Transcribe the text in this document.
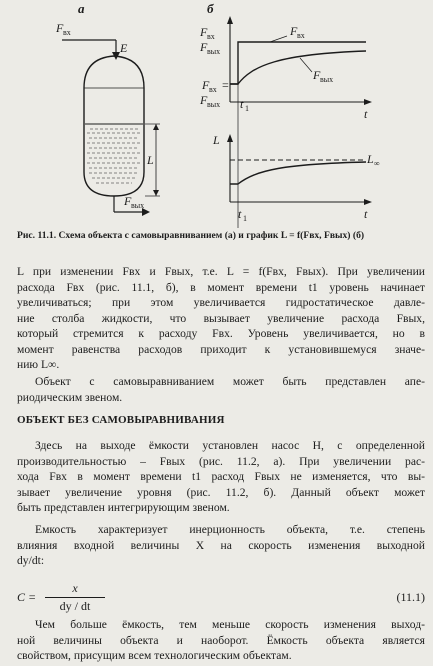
а
F вх
E
L
F вых
б
F вх
F вых
F вх
F вых
F вх =
F вых t 1	t
L
L ∞
t 1	t
Рис. 11.1. Схема объекта с самовыравниванием (а) и график L = f(Fвх, Fвых) (б)
L при изменении Fвх и Fвых, т.е. L = f(Fвх, Fвых). При увеличении
расхода Fвх (рис. 11.1, б), в момент времени t1 уровень начинает
увеличиваться; при этом увеличивается гидростатическое давле-
ние столба жидкости, что вызывает увеличение расхода Fвых,
который стремится к расходу Fвх. Уровень увеличивается, но в
момент равенства расходов приходит к установившемуся значе-
нию L∞.
Объект с самовыравниванием может быть представлен апе-
риодическим звеном.
ОБЪЕКТ БЕЗ САМОВЫРАВНИВАНИЯ
Здесь на выходе ёмкости установлен насос H, с определенной
производительностью – Fвых (рис. 11.2, а). При увеличении рас-
хода Fвх в момент времени t1 расход Fвых не изменяется, что вы-
зывает увеличение уровня (рис. 11.2, б). Данный объект может
быть представлен интегрирующим звеном.
Емкость характеризует инерционность объекта, т.е. степень
влияния входной величины X на скорость изменения выходной
dy/dt:
$C = \frac{x}{dy / dt}$	(11.1)
Чем больше ёмкость, тем меньше скорость изменения выход-
ной величины объекта и наоборот. Ёмкость объекта является
свойством, присущим всем технологическим объектам.
